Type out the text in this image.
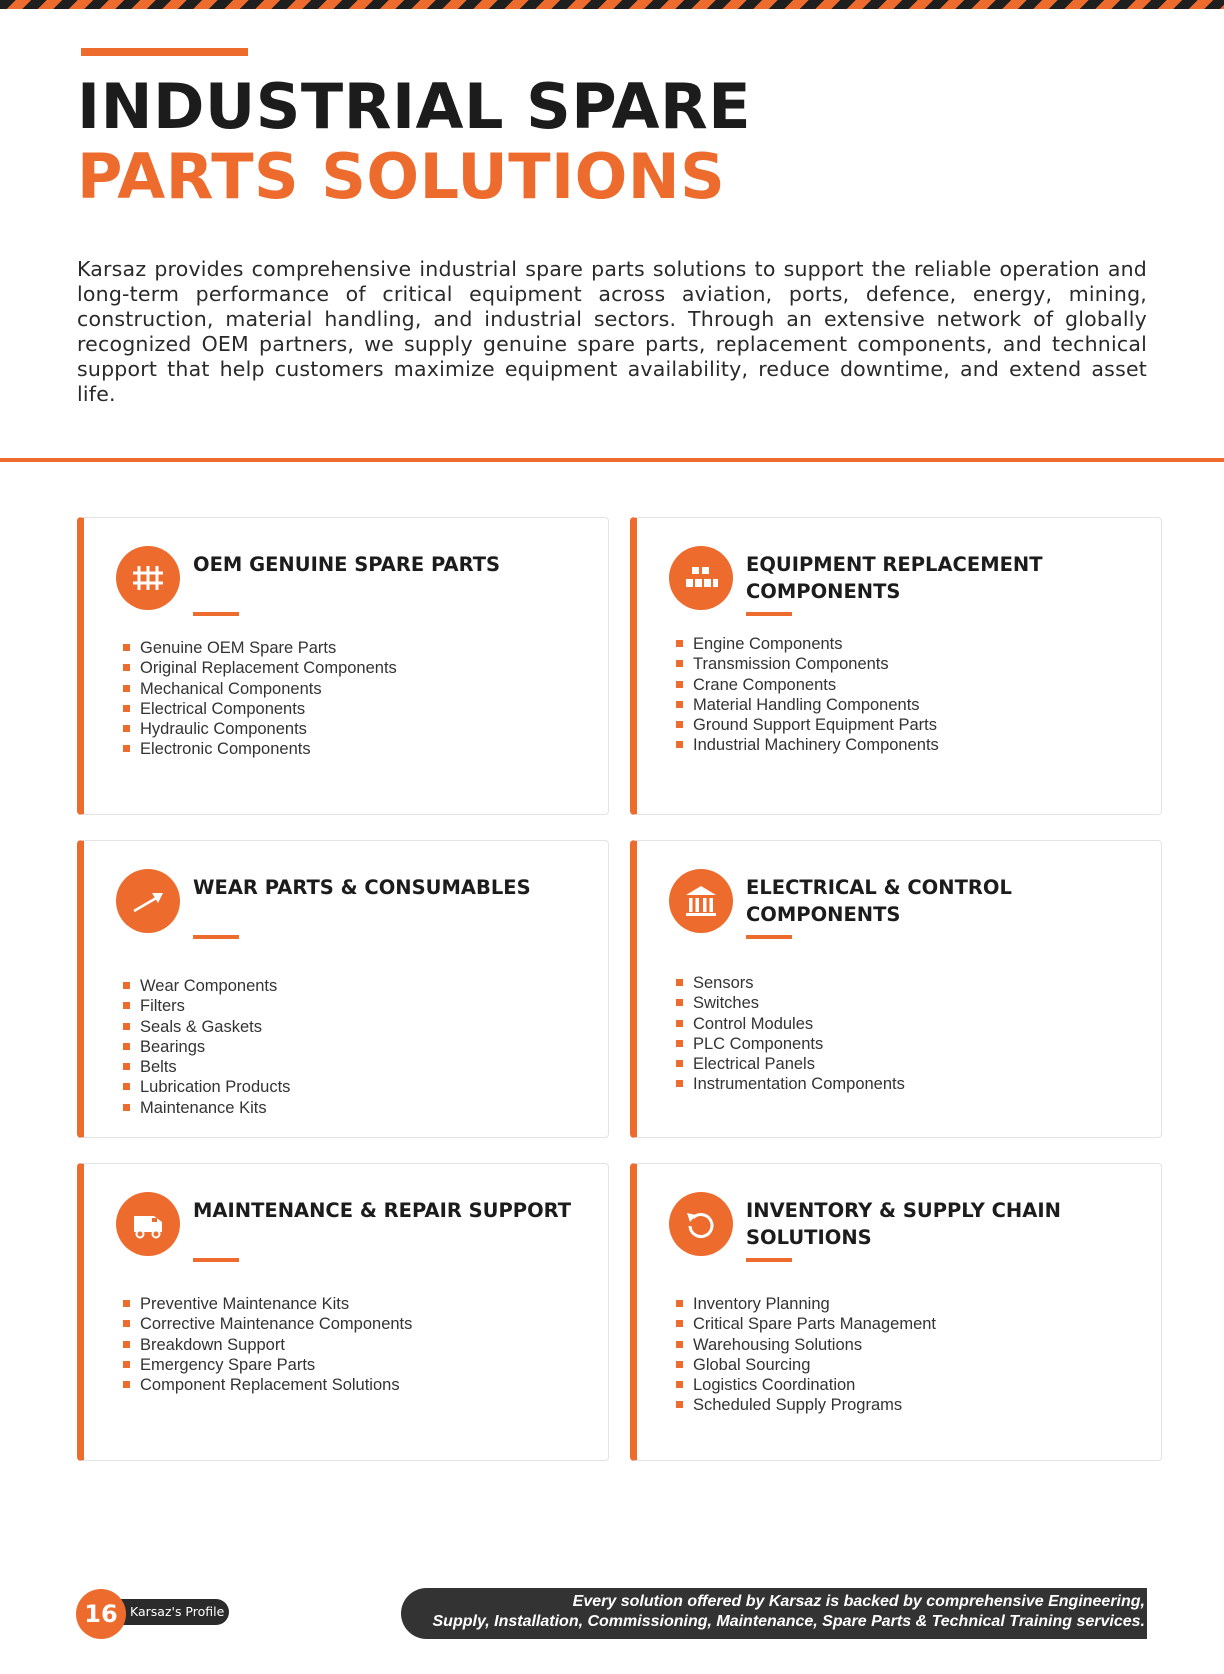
INDUSTRIAL SPARE
PARTS SOLUTIONS

Karsaz provides comprehensive industrial spare parts solutions to support the reliable operation and long-term performance of critical equipment across aviation, ports, defence, energy, mining, construction, material handling, and industrial sectors. Through an extensive network of globally recognized OEM partners, we supply genuine spare parts, replacement components, and technical support that help customers maximize equipment availability, reduce downtime, and extend asset life.

OEM GENUINE SPARE PARTS
Genuine OEM Spare Parts
Original Replacement Components
Mechanical Components
Electrical Components
Hydraulic Components
Electronic Components
EQUIPMENT REPLACEMENT COMPONENTS
Engine Components
Transmission Components
Crane Components
Material Handling Components
Ground Support Equipment Parts
Industrial Machinery Components
WEAR PARTS & CONSUMABLES
Wear Components
Filters
Seals & Gaskets
Bearings
Belts
Lubrication Products
Maintenance Kits
ELECTRICAL & CONTROL COMPONENTS
Sensors
Switches
Control Modules
PLC Components
Electrical Panels
Instrumentation Components
MAINTENANCE & REPAIR SUPPORT
Preventive Maintenance Kits
Corrective Maintenance Components
Breakdown Support
Emergency Spare Parts
Component Replacement Solutions
INVENTORY & SUPPLY CHAIN SOLUTIONS
Inventory Planning
Critical Spare Parts Management
Warehousing Solutions
Global Sourcing
Logistics Coordination
Scheduled Supply Programs
Karsaz's Profile
16	Every solution offered by Karsaz is backed by comprehensive Engineering,
Supply, Installation, Commissioning, Maintenance, Spare Parts & Technical Training services.
